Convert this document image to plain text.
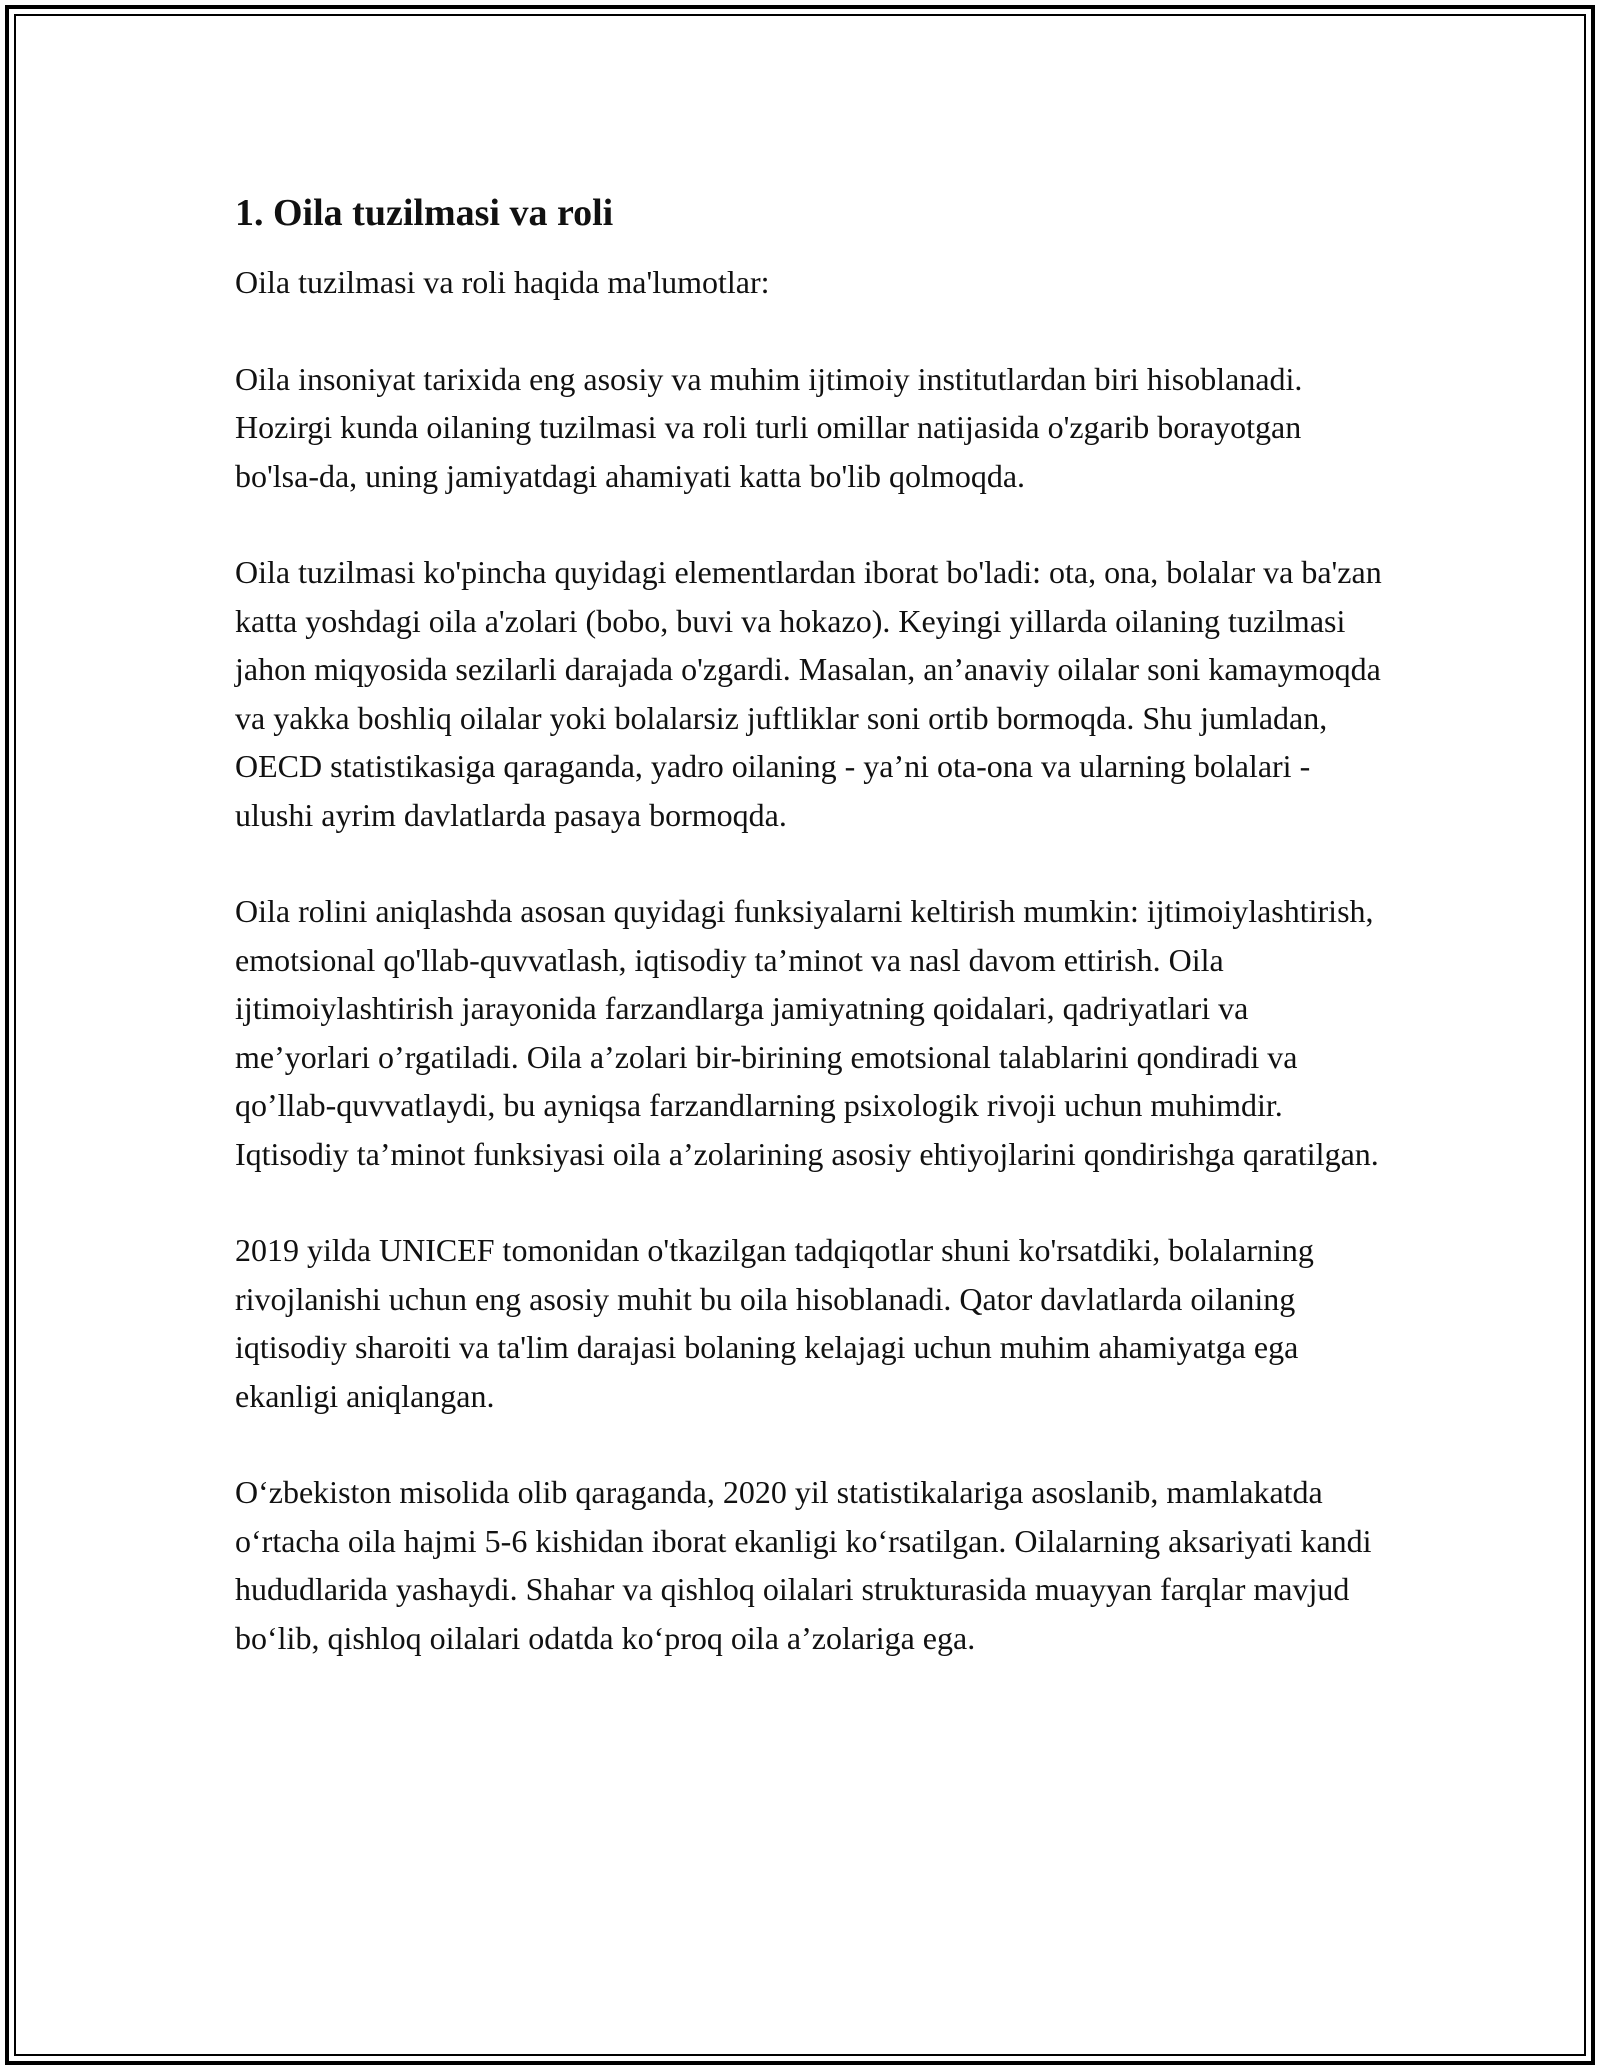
1. Oila tuzilmasi va roli
Oila tuzilmasi va roli haqida ma'lumotlar:

Oila insoniyat tarixida eng asosiy va muhim ijtimoiy institutlardan biri hisoblanadi. Hozirgi kunda oilaning tuzilmasi va roli turli omillar natijasida o'zgarib borayotgan bo'lsa-da, uning jamiyatdagi ahamiyati katta bo'lib qolmoqda.

Oila tuzilmasi ko'pincha quyidagi elementlardan iborat bo'ladi: ota, ona, bolalar va ba'zan katta yoshdagi oila a'zolari (bobo, buvi va hokazo). Keyingi yillarda oilaning tuzilmasi jahon miqyosida sezilarli darajada o'zgardi. Masalan, an’anaviy oilalar soni kamaymoqda va yakka boshliq oilalar yoki bolalarsiz juftliklar soni ortib bormoqda. Shu jumladan, OECD statistikasiga qaraganda, yadro oilaning - ya’ni ota-ona va ularning bolalari - ulushi ayrim davlatlarda pasaya bormoqda.

Oila rolini aniqlashda asosan quyidagi funksiyalarni keltirish mumkin: ijtimoiylashtirish, emotsional qo'llab-quvvatlash, iqtisodiy ta’minot va nasl davom ettirish. Oila ijtimoiylashtirish jarayonida farzandlarga jamiyatning qoidalari, qadriyatlari va me’yorlari o’rgatiladi. Oila a’zolari bir-birining emotsional talablarini qondiradi va qo’llab-quvvatlaydi, bu ayniqsa farzandlarning psixologik rivoji uchun muhimdir. Iqtisodiy ta’minot funksiyasi oila a’zolarining asosiy ehtiyojlarini qondirishga qaratilgan.

2019 yilda UNICEF tomonidan o'tkazilgan tadqiqotlar shuni ko'rsatdiki, bolalarning rivojlanishi uchun eng asosiy muhit bu oila hisoblanadi. Qator davlatlarda oilaning iqtisodiy sharoiti va ta'lim darajasi bolaning kelajagi uchun muhim ahamiyatga ega ekanligi aniqlangan.

O‘zbekiston misolida olib qaraganda, 2020 yil statistikalariga asoslanib, mamlakatda o‘rtacha oila hajmi 5-6 kishidan iborat ekanligi ko‘rsatilgan. Oilalarning aksariyati kandi hududlarida yashaydi. Shahar va qishloq oilalari strukturasida muayyan farqlar mavjud bo‘lib, qishloq oilalari odatda ko‘proq oila a’zolariga ega.
